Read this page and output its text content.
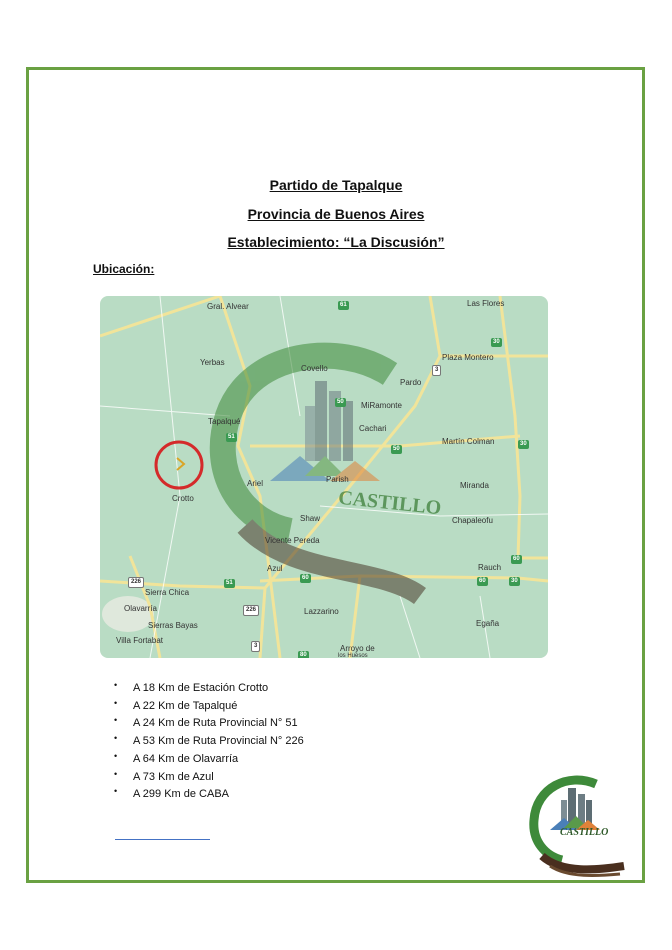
Partido de Tapalque
Provincia de Buenos Aires
Establecimiento: “La Discusión”
Ubicación:
CASTILLO
Gral. Alvear	Las Flores
Yerbas
Covello
Plaza Montero
Pardo
MiRamonte
Tapalqué
Cachari
Martín Colman
Ariel	Parish
Miranda
Crotto
Shaw	Chapaleofu
Vicente Pereda
Azul	Rauch
Sierra Chica
Olavarría	Lazzarino
Sierras Bayas	Egaña
Villa Fortabat
Arroyo de
los Huesos
61
30
3
50
51
50
30
60
30
51
60
226
226
3
80
60
• A 18 Km de Estación Crotto
• A 22 Km de Tapalqué
• A 24 Km de Ruta Provincial N° 51
• A 53 Km de Ruta Provincial N° 226
• A 64 Km de Olavarría
• A 73 Km de Azul
• A 299 Km de CABA
CASTILLO
